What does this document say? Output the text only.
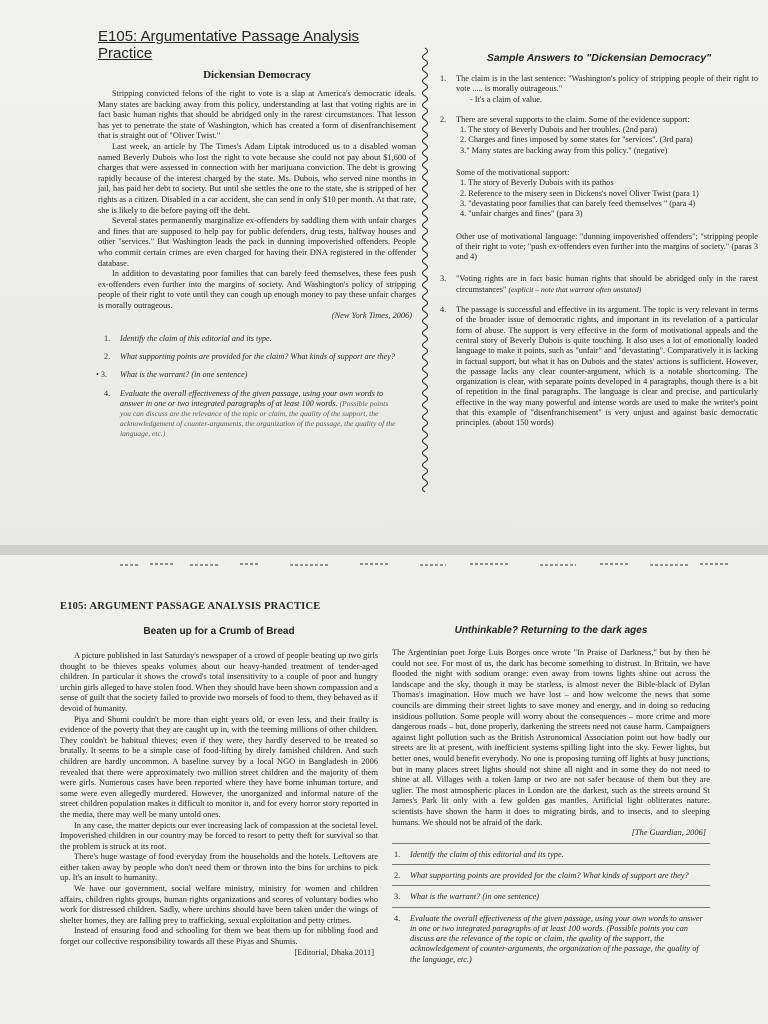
E105: Argumentative Passage Analysis Practice
Dickensian Democracy

Stripping convicted felons of the right to vote is a slap at America's democratic ideals. Many states are backing away from this policy, understanding at last that voting rights are in fact basic human rights that should be abridged only in the rarest circumstances. That lesson has yet to penetrate the state of Washington, which has created a form of disenfranchisement that is straight out of "Oliver Twist."

Last week, an article by The Times's Adam Liptak introduced us to a disabled woman named Beverly Dubois who lost the right to vote because she could not pay about $1,600 of charges that were assessed in connection with her marijuana conviction. The debt is growing rapidly because of the interest charged by the state. Ms. Dubois, who served nine months in jail, has paid her debt to society. But until she settles the one to the state, she is stripped of her rights as a citizen. Disabled in a car accident, she can send in only $10 per month. At that rate, she is likely to die before paying off the debt.

Several states permanently marginalize ex-offenders by saddling them with unfair charges and fines that are supposed to help pay for public defenders, drug tests, halfway houses and other "services." But Washington leads the pack in dunning impoverished offenders. People who commit certain crimes are even charged for having their DNA registered in the offender database.

In addition to devastating poor families that can barely feed themselves, these fees push ex-offenders even further into the margins of society. And Washington's policy of stripping people of their right to vote until they can cough up enough money to pay these unfair charges is morally outrageous.

(New York Times, 2006)
1. Identify the claim of this editorial and its type.
2. What supporting points are provided for the claim? What kinds of support are they?
• 3. What is the warrant? (in one sentence)
4. Evaluate the overall effectiveness of the given passage, using your own words to answer in one or two integrated paragraphs of at least 100 words. (Possible points you can discuss are the relevance of the topic or claim, the quality of the support, the acknowledgement of counter-arguments, the organization of the passage, the quality of the language, etc.)
Sample Answers to "Dickensian Democracy"
1. The claim is in the last sentence: "Washington's policy of stripping people of their right to vote ..... is morally outrageous."
- It's a claim of value.
2. There are several supports to the claim. Some of the evidence support:
1. The story of Beverly Dubois and her troubles. (2nd para)
2. Charges and fines imposed by some states for "services". (3rd para)
3." Many states are backing away from this policy." (negative)
Some of the motivational support:
1. The story of Beverly Dubois with its pathos
2. Reference to the misery seen in Dickens's novel Oliver Twist (para 1)
3. "devastating poor families that can barely feed themselves " (para 4)
4. "unfair charges and fines" (para 3)
Other use of motivational language: "dunning impoverished offenders"; "stripping people of their right to vote; "push ex-offenders even further into the margins of society." (paras 3 and 4)
3. "Voting rights are in fact basic human rights that should be abridged only in the rarest circumstances" (explicit – note that warrant often unstated)
4. The passage is successful and effective in its argument. The topic is very relevant in terms of the broader issue of democratic rights, and important in its revelation of a particular form of abuse. The support is very effective in the form of motivational appeals and the central story of Beverly Dubois is quite touching. It also uses a lot of emotionally loaded language to make it points, such as "unfair" and "devastating". Comparatively it is lacking in factual support, but what it has on Dubois and the states' actions is sufficient. However, the passage lacks any clear counter-argument, which is a notable shortcoming. The organization is clear, with separate points developed in 4 paragraphs, though there is a bit of repetition in the final paragraphs. The language is clear and precise, and particularly effective in the way many powerful and intense words are used to make the writer's point that this example of "disenfranchisement" is very unjust and against basic democratic principles. (about 150 words)
E105: ARGUMENT PASSAGE ANALYSIS PRACTICE
Beaten up for a Crumb of Bread

A picture published in last Saturday's newspaper of a crowd of people beating up two girls thought to be thieves speaks volumes about our heavy-handed treatment of tender-aged children. In particular it shows the crowd's total insensitivity to a couple of poor and hungry urchin girls alleged to have stolen food. When they should have been shown compassion and a sense of guilt that the society failed to provide two morsels of food to them, they behaved as if devoid of humanity.

Piya and Shumi couldn't be more than eight years old, or even less, and their frailty is evidence of the poverty that they are caught up in, with the teeming millions of other children. They couldn't be habitual thieves; even if they were, they hardly deserved to be treated so brutally. It seems to be a simple case of food-lifting by direly famished children. And such children are hardly uncommon. A baseline survey by a local NGO in Bangladesh in 2006 revealed that there were approximately two million street children and the majority of them were girls. Numerous cases have been reported where they have borne inhuman torture, and some were even allegedly murdered. However, the unorganized and informal nature of the street children population makes it difficult to monitor it, and for every horror story reported in the media, there may well be many untold ones.

In any case, the matter depicts our ever increasing lack of compassion at the societal level. Impoverished children in our country may be forced to resort to petty theft for survival so that the problem is struck at its root.

There's huge wastage of food everyday from the households and the hotels. Leftovers are either taken away by people who don't need them or thrown into the bins for urchins to pick up. It's an insult to humanity.

We have our government, social welfare ministry, ministry for women and children affairs, children rights groups, human rights organizations and scores of voluntary bodies who work for distressed children. Sadly, where urchins should have been taken under the wings of shelter homes, they are falling prey to trafficking, sexual exploitation and petty crimes.

Instead of ensuring food and schooling for them we beat them up for nibbling food and forget our collective responsibility towards all these Piyas and Shumis.

[Editorial, Dhaka 2011]
Unthinkable? Returning to the dark ages

The Argentinian poet Jorge Luis Borges once wrote "In Praise of Darkness," but by then he could not see. For most of us, the dark has become something to distrust. In Britain, we have flooded the night with sodium orange: even away from towns lights shine out across the landscape and the sky, though it may be starless, is almost never the Bible-black of Dylan Thomas's imagination. How much we have lost – and how welcome the news that some councils are dimming their street lights to save money and energy, and in doing so reducing insidious pollution. Some people will worry about the consequences – more crime and more dangerous roads – but, done properly, darkening the streets need not cause harm. Campaigners against light pollution such as the British Astronomical Association point out how badly our streets are lit at present, with inefficient systems spilling light into the sky. Fewer lights, but better ones, would benefit everybody. No one is proposing turning off lights at busy junctions, but in many places street lights should not shine all night and in some they do not need to shine at all. Villages with a token lamp or two are not safer because of them but they are uglier. The most atmospheric places in London are the darkest, such as the streets around St James's Park lit only with a few golden gas mantles. Artificial light obliterates nature: scientists have shown the harm it does to migrating birds, and to insects, and to sleeping humans. We should not be afraid of the dark.

[The Guardian, 2006]
1. Identify the claim of this editorial and its type.
2. What supporting points are provided for the claim? What kinds of support are they?
3. What is the warrant? (in one sentence)
4. Evaluate the overall effectiveness of the given passage, using your own words to answer in one or two integrated paragraphs of at least 100 words. (Possible points you can discuss are the relevance of the topic or claim, the quality of the support, the acknowledgement of counter-arguments, the organization of the passage, the quality of the language, etc.)
